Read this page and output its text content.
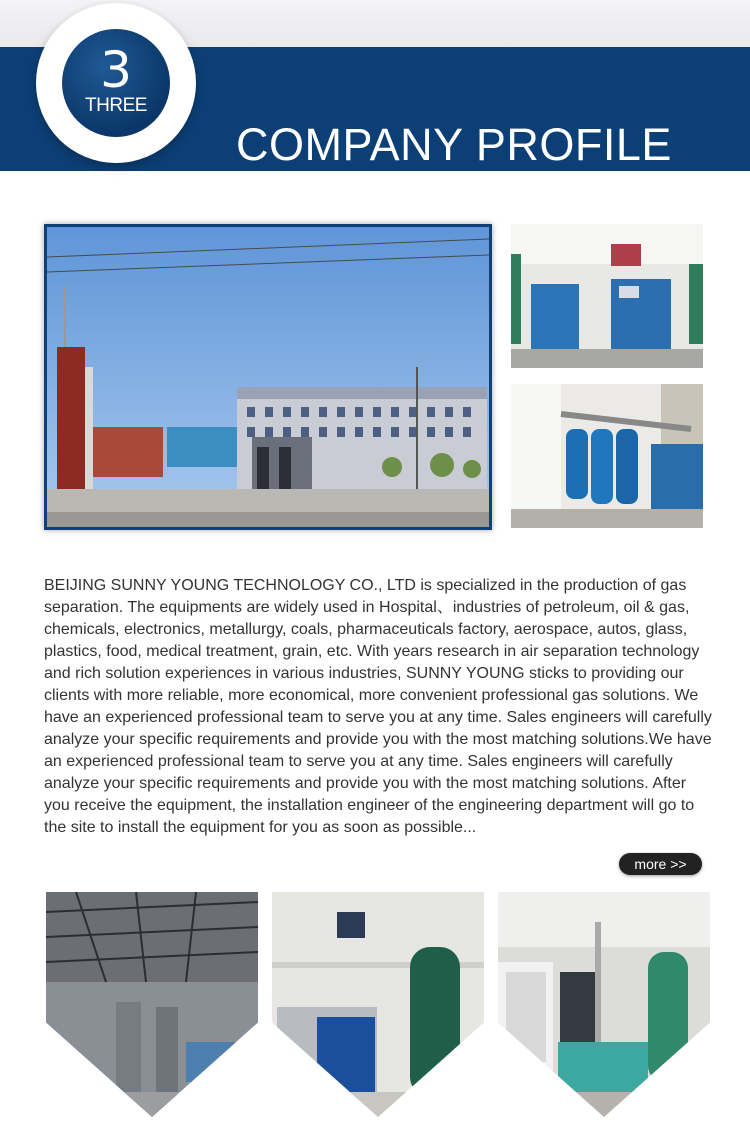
3
THREE
COMPANY PROFILE
SHOW US THE REAL

BEIJING SUNNY YOUNG TECHNOLOGY CO., LTD is specialized in the production of gas separation. The equipments are widely used in Hospital、industries of petroleum, oil & gas, chemicals, electronics, metallurgy, coals, pharmaceuticals factory, aerospace, autos, glass, plastics, food, medical treatment, grain, etc. With years research in air separation technology and rich solution experiences in various industries, SUNNY YOUNG sticks to providing our clients with more reliable, more economical, more convenient professional gas solutions. We have an experienced professional team to serve you at any time. Sales engineers will carefully analyze your specific requirements and provide you with the most matching solutions.We have an experienced professional team to serve you at any time. Sales engineers will carefully analyze your specific requirements and provide you with the most matching solutions. After you receive the equipment, the installation engineer of the engineering department will go to the site to install the equipment for you as soon as possible...

more >>
